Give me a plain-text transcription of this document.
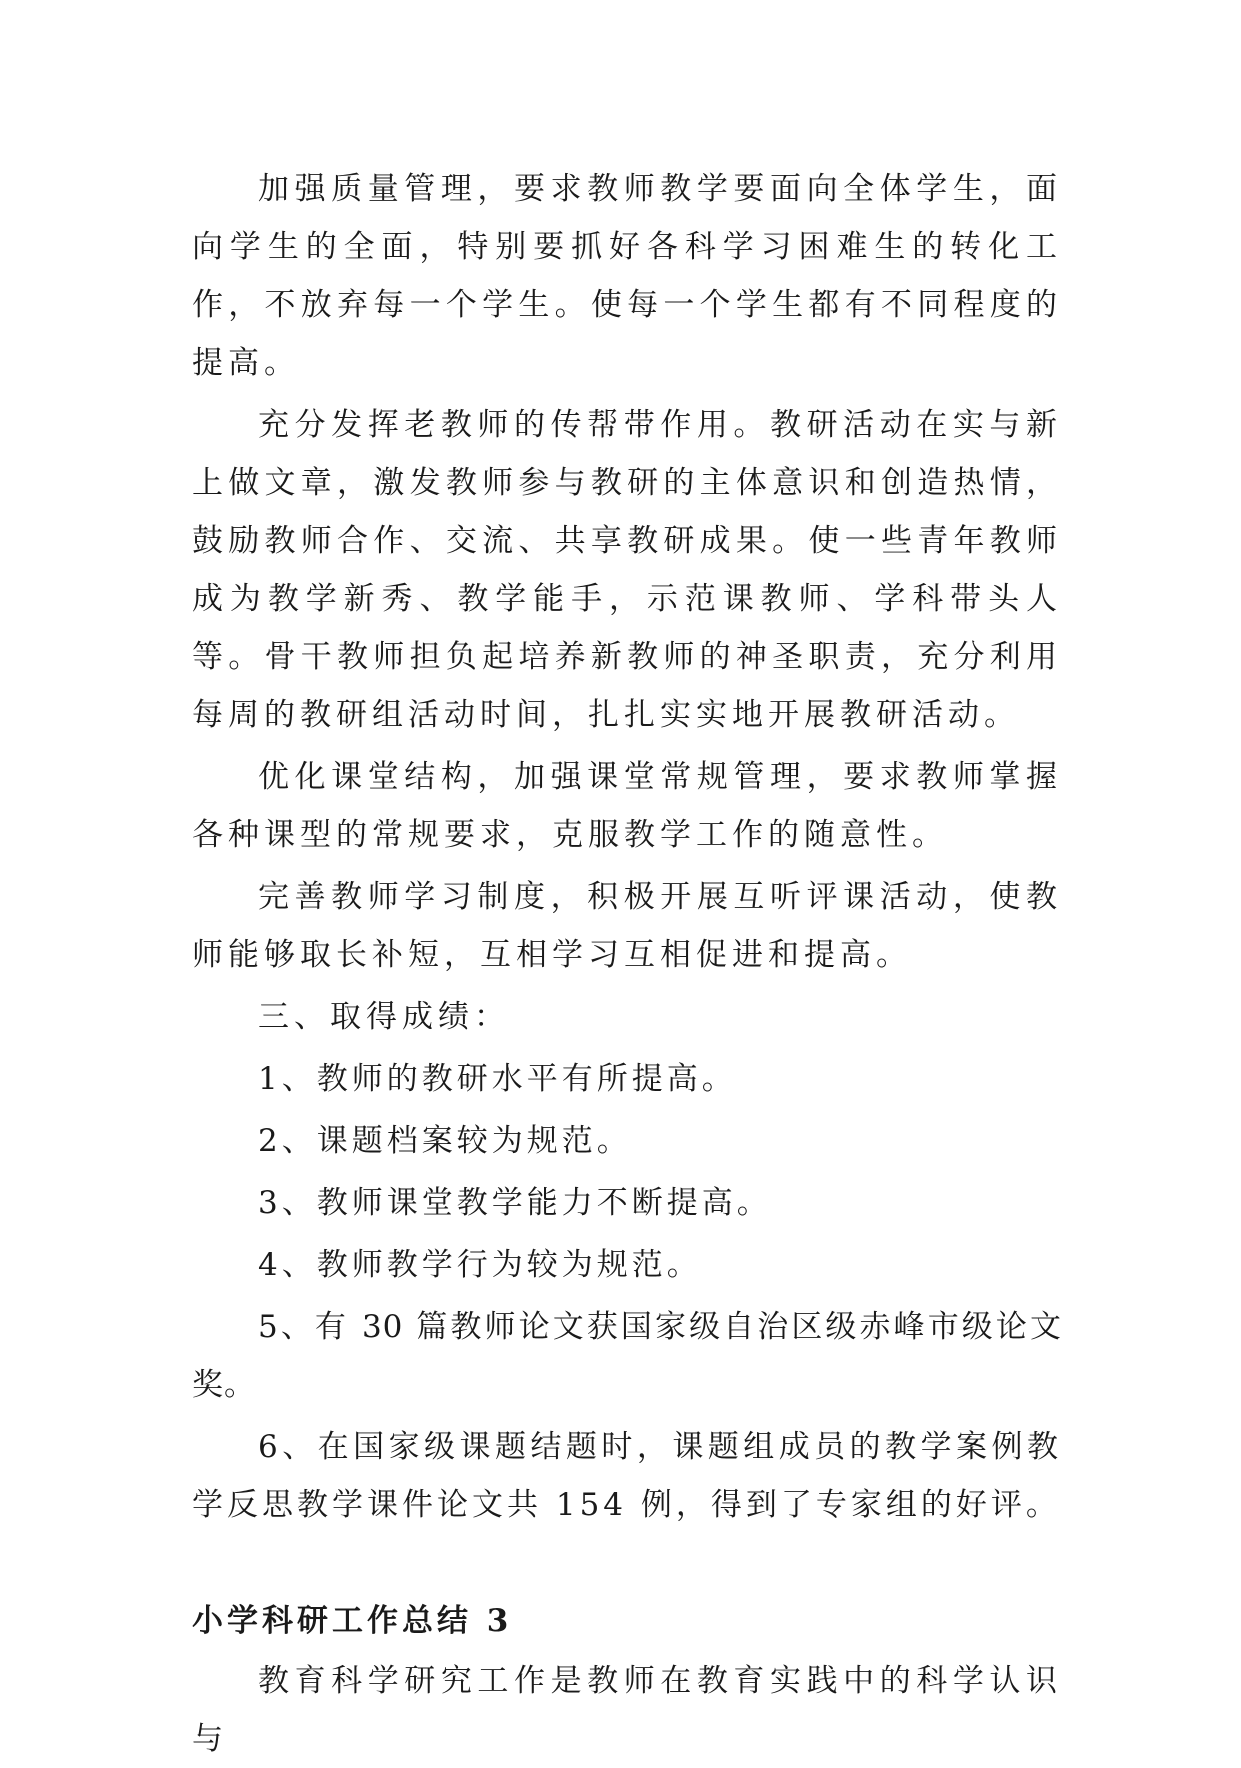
加强质量管理，要求教师教学要面向全体学生，面向学生的全面，特别要抓好各科学习困难生的转化工作，不放弃每一个学生。使每一个学生都有不同程度的提高。

充分发挥老教师的传帮带作用。教研活动在实与新上做文章，激发教师参与教研的主体意识和创造热情，鼓励教师合作、交流、共享教研成果。使一些青年教师成为教学新秀、教学能手，示范课教师、学科带头人等。骨干教师担负起培养新教师的神圣职责，充分利用每周的教研组活动时间，扎扎实实地开展教研活动。

优化课堂结构，加强课堂常规管理，要求教师掌握各种课型的常规要求，克服教学工作的随意性。

完善教师学习制度，积极开展互听评课活动，使教师能够取长补短，互相学习互相促进和提高。

三、取得成绩：

1、教师的教研水平有所提高。

2、课题档案较为规范。

3、教师课堂教学能力不断提高。

4、教师教学行为较为规范。

5、有 30 篇教师论文获国家级自治区级赤峰市级论文奖。

6、在国家级课题结题时，课题组成员的教学案例教学反思教学课件论文共 154 例，得到了专家组的好评。

小学科研工作总结 3

教育科学研究工作是教师在教育实践中的科学认识与
